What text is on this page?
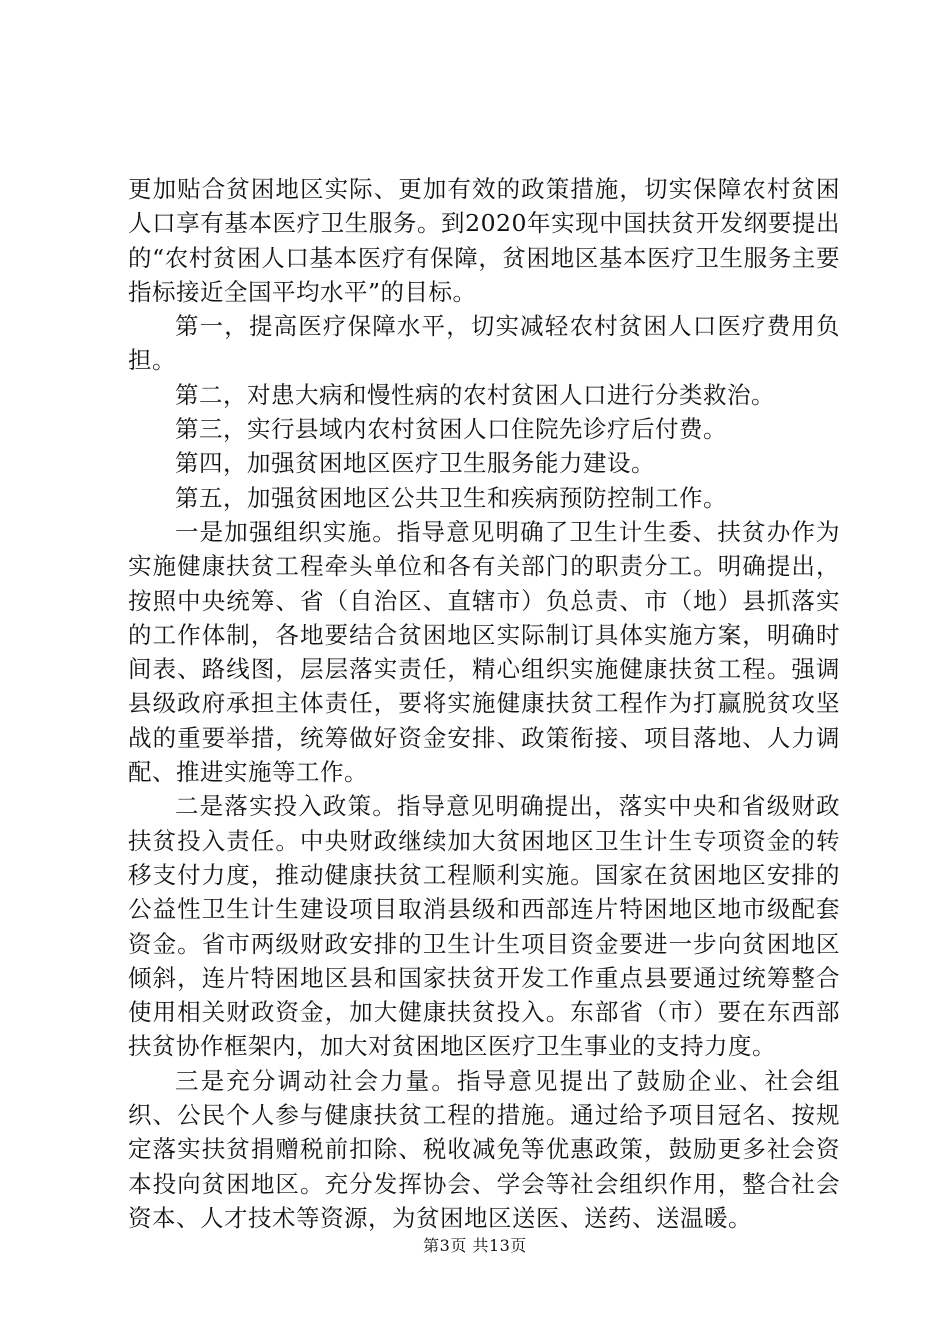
更加贴合贫困地区实际、更加有效的政策措施，切实保障农村贫困人口享有基本医疗卫生服务。到2020年实现中国扶贫开发纲要提出的“农村贫困人口基本医疗有保障，贫困地区基本医疗卫生服务主要指标接近全国平均水平”的目标。

第一，提高医疗保障水平，切实减轻农村贫困人口医疗费用负担。

第二，对患大病和慢性病的农村贫困人口进行分类救治。

第三，实行县域内农村贫困人口住院先诊疗后付费。

第四，加强贫困地区医疗卫生服务能力建设。

第五，加强贫困地区公共卫生和疾病预防控制工作。

一是加强组织实施。指导意见明确了卫生计生委、扶贫办作为实施健康扶贫工程牵头单位和各有关部门的职责分工。明确提出，按照中央统筹、省（自治区、直辖市）负总责、市（地）县抓落实的工作体制，各地要结合贫困地区实际制订具体实施方案，明确时间表、路线图，层层落实责任，精心组织实施健康扶贫工程。强调县级政府承担主体责任，要将实施健康扶贫工程作为打赢脱贫攻坚战的重要举措，统筹做好资金安排、政策衔接、项目落地、人力调配、推进实施等工作。

二是落实投入政策。指导意见明确提出，落实中央和省级财政扶贫投入责任。中央财政继续加大贫困地区卫生计生专项资金的转移支付力度，推动健康扶贫工程顺利实施。国家在贫困地区安排的公益性卫生计生建设项目取消县级和西部连片特困地区地市级配套资金。省市两级财政安排的卫生计生项目资金要进一步向贫困地区倾斜，连片特困地区县和国家扶贫开发工作重点县要通过统筹整合使用相关财政资金，加大健康扶贫投入。东部省（市）要在东西部扶贫协作框架内，加大对贫困地区医疗卫生事业的支持力度。

三是充分调动社会力量。指导意见提出了鼓励企业、社会组织、公民个人参与健康扶贫工程的措施。通过给予项目冠名、按规定落实扶贫捐赠税前扣除、税收减免等优惠政策，鼓励更多社会资本投向贫困地区。充分发挥协会、学会等社会组织作用，整合社会资本、人才技术等资源，为贫困地区送医、送药、送温暖。

第3页 共13页
